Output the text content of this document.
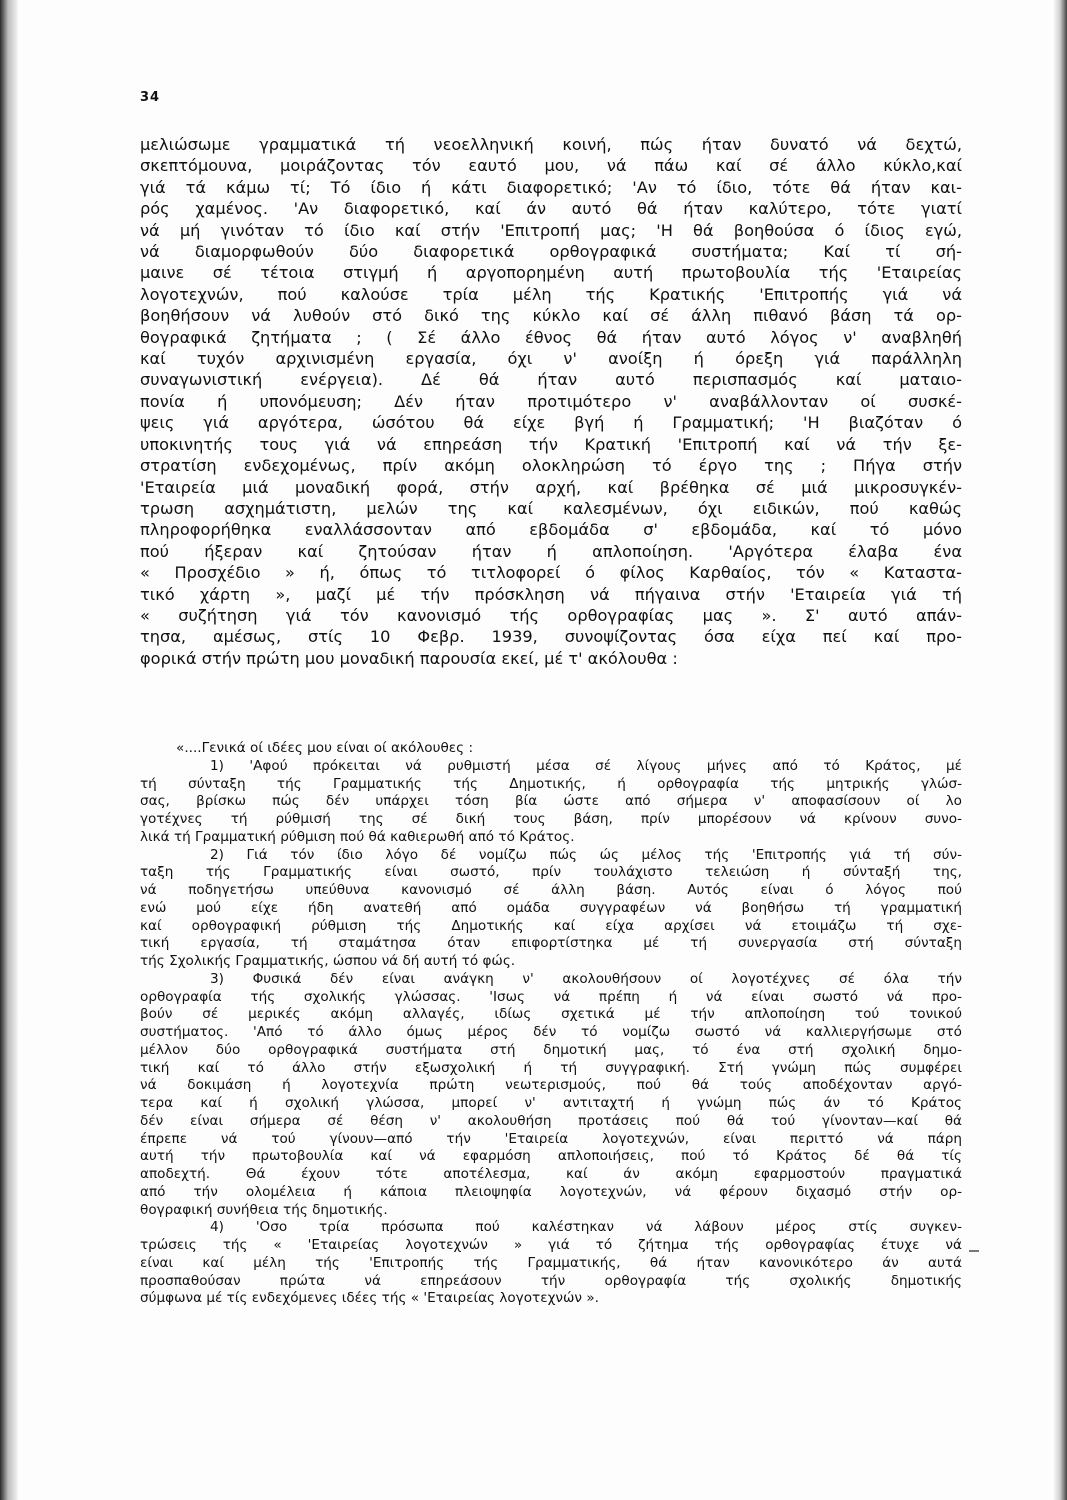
34
μελιώσωμε γραμματικά τή νεοελληνική κοινή, πώς ήταν δυνατό νά δεχτώ,
σκεπτόμουνα, μοιράζοντας τόν εαυτό μου, νά πάω καί σέ άλλο κύκλο,καί
γιά τά κάμω τί; Τό ίδιο ή κάτι διαφορετικό; 'Αν τό ίδιο, τότε θά ήταν και-
ρός χαμένος. 'Αν διαφορετικό, καί άν αυτό θά ήταν καλύτερο, τότε γιατί
νά μή γινόταν τό ίδιο καί στήν 'Επιτροπή μας; 'Η θά βοηθούσα ό ίδιος εγώ,
νά διαμορφωθούν δύο διαφορετικά ορθογραφικά συστήματα; Καί τί σή-
μαινε σέ τέτοια στιγμή ή αργοπορημένη αυτή πρωτοβουλία τής 'Εταιρείας
λογοτεχνών, πού καλούσε τρία μέλη τής Κρατικής 'Επιτροπής γιά νά
βοηθήσουν νά λυθούν στό δικό της κύκλο καί σέ άλλη πιθανό βάση τά ορ-
θογραφικά ζητήματα ; ( Σέ άλλο έθνος θά ήταν αυτό λόγος ν' αναβληθή
καί τυχόν αρχινισμένη εργασία, όχι ν' ανοίξη ή όρεξη γιά παράλληλη
συναγωνιστική ενέργεια). Δέ θά ήταν αυτό περισπασμός καί ματαιο-
πονία ή υπονόμευση; Δέν ήταν προτιμότερο ν' αναβάλλονταν οί συσκέ-
ψεις γιά αργότερα, ώσότου θά είχε βγή ή Γραμματική; 'Η βιαζόταν ό
υποκινητής τους γιά νά επηρεάση τήν Κρατική 'Επιτροπή καί νά τήν ξε-
στρατίση ενδεχομένως, πρίν ακόμη ολοκληρώση τό έργο της ; Πήγα στήν
'Εταιρεία μιά μοναδική φορά, στήν αρχή, καί βρέθηκα σέ μιά μικροσυγκέν-
τρωση ασχημάτιστη, μελών της καί καλεσμένων, όχι ειδικών, πού καθώς
πληροφορήθηκα εναλλάσσονταν από εβδομάδα σ' εβδομάδα, καί τό μόνο
πού ήξεραν καί ζητούσαν ήταν ή απλοποίηση. 'Αργότερα έλαβα ένα
« Προσχέδιο » ή, όπως τό τιτλοφορεί ό φίλος Καρθαίος, τόν « Καταστα-
τικό χάρτη », μαζί μέ τήν πρόσκληση νά πήγαινα στήν 'Εταιρεία γιά τή
« συζήτηση γιά τόν κανονισμό τής ορθογραφίας μας ». Σ' αυτό απάν-
τησα, αμέσως, στίς 10 Φεβρ. 1939, συνοψίζοντας όσα είχα πεί καί προ-
φορικά στήν πρώτη μου μοναδική παρουσία εκεί, μέ τ' ακόλουθα :
«....Γενικά οί ιδέες μου είναι οί ακόλουθες :
1) 'Αφού πρόκειται νά ρυθμιστή μέσα σέ λίγους μήνες από τό Κράτος, μέ
τή σύνταξη τής Γραμματικής τής Δημοτικής, ή ορθογραφία τής μητρικής γλώσ-
σας, βρίσκω πώς δέν υπάρχει τόση βία ώστε από σήμερα ν' αποφασίσουν οί λο
γοτέχνες τή ρύθμισή της σέ δική τους βάση, πρίν μπορέσουν νά κρίνουν συνο-
λικά τή Γραμματική ρύθμιση πού θά καθιερωθή από τό Κράτος.
2) Γιά τόν ίδιο λόγο δέ νομίζω πώς ώς μέλος τής 'Επιτροπής γιά τή σύν-
ταξη τής Γραμματικής είναι σωστό, πρίν τουλάχιστο τελειώση ή σύνταξή της,
νά ποδηγετήσω υπεύθυνα κανονισμό σέ άλλη βάση. Αυτός είναι ό λόγος πού
ενώ μού είχε ήδη ανατεθή από ομάδα συγγραφέων νά βοηθήσω τή γραμματική
καί ορθογραφική ρύθμιση τής Δημοτικής καί είχα αρχίσει νά ετοιμάζω τή σχε-
τική εργασία, τή σταμάτησα όταν επιφορτίστηκα μέ τή συνεργασία στή σύνταξη
τής Σχολικής Γραμματικής, ώσπου νά δή αυτή τό φώς.
3) Φυσικά δέν είναι ανάγκη ν' ακολουθήσουν οί λογοτέχνες σέ όλα τήν
ορθογραφία τής σχολικής γλώσσας. 'Ισως νά πρέπη ή νά είναι σωστό νά προ-
βούν σέ μερικές ακόμη αλλαγές, ιδίως σχετικά μέ τήν απλοποίηση τού τονικού
συστήματος. 'Από τό άλλο όμως μέρος δέν τό νομίζω σωστό νά καλλιεργήσωμε στό
μέλλον δύο ορθογραφικά συστήματα στή δημοτική μας, τό ένα στή σχολική δημο-
τική καί τό άλλο στήν εξωσχολική ή τή συγγραφική. Στή γνώμη πώς συμφέρει
νά δοκιμάση ή λογοτεχνία πρώτη νεωτερισμούς, πού θά τούς αποδέχονταν αργό-
τερα καί ή σχολική γλώσσα, μπορεί ν' αντιταχτή ή γνώμη πώς άν τό Κράτος
δέν είναι σήμερα σέ θέση ν' ακολουθήση προτάσεις πού θά τού γίνονταν—καί θά
έπρεπε νά τού γίνουν—από τήν 'Εταιρεία λογοτεχνών, είναι περιττό νά πάρη
αυτή τήν πρωτοβουλία καί νά εφαρμόση απλοποιήσεις, πού τό Κράτος δέ θά τίς
αποδεχτή. Θά έχουν τότε αποτέλεσμα, καί άν ακόμη εφαρμοστούν πραγματικά
από τήν ολομέλεια ή κάποια πλειοψηφία λογοτεχνών, νά φέρουν διχασμό στήν ορ-
θογραφική συνήθεια τής δημοτικής.
4) 'Οσο τρία πρόσωπα πού καλέστηκαν νά λάβουν μέρος στίς συγκεν-
τρώσεις τής « 'Εταιρείας λογοτεχνών » γιά τό ζήτημα τής ορθογραφίας έτυχε νά
είναι καί μέλη τής 'Επιτροπής τής Γραμματικής, θά ήταν κανονικότερο άν αυτά
προσπαθούσαν πρώτα νά επηρεάσουν τήν ορθογραφία τής σχολικής δημοτικής
σύμφωνα μέ τίς ενδεχόμενες ιδέες τής « 'Εταιρείας λογοτεχνών ».
